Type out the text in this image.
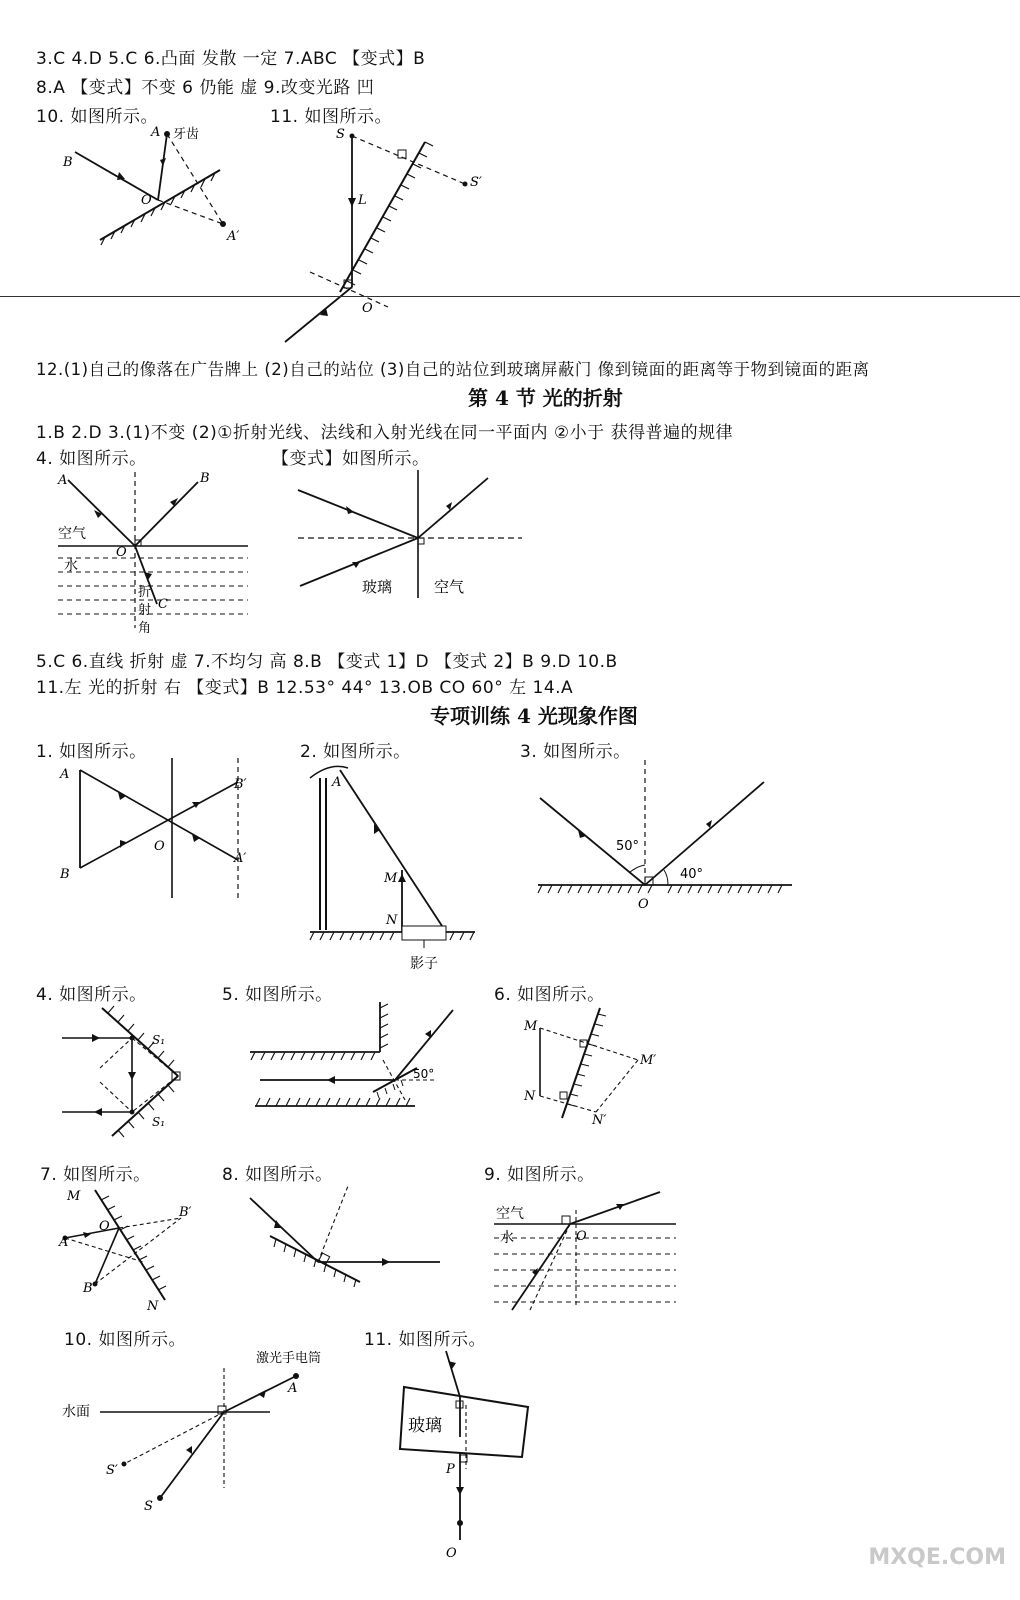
3.C 4.D 5.C 6.凸面 发散 一定 7.ABC 【变式】B
8.A 【变式】不变 6 仍能 虚 9.改变光路 凹
10. 如图所示。	11. 如图所示。
A 牙齿
B
O
A′
S
S′
L
O
12.(1)自己的像落在广告牌上 (2)自己的站位 (3)自己的站位到玻璃屏蔽门 像到镜面的距离等于物到镜面的距离
第 4 节 光的折射
1.B 2.D 3.(1)不变 (2)①折射光线、法线和入射光线在同一平面内 ②小于 获得普遍的规律
4. 如图所示。	【变式】如图所示。
A	B
空气
O
水
C
折
射
角
玻璃	空气
5.C 6.直线 折射 虚 7.不均匀 高 8.B 【变式 1】D 【变式 2】B 9.D 10.B
11.左 光的折射 右 【变式】B 12.53° 44° 13.OB CO 60° 左 14.A
专项训练 4 光现象作图
1. 如图所示。	2. 如图所示。	3. 如图所示。
A
B
O
B′
A′
A
M
N
影子
50°
40°
O
4. 如图所示。	5. 如图所示。	6. 如图所示。
S₁
S₁
50°
M
N
M′
N′
7. 如图所示。	8. 如图所示。	9. 如图所示。
M
A
O
B′
B
N
空气
水	O
10. 如图所示。	11. 如图所示。
激光手电筒
A
水面
S′
S
玻璃
P
O	MXQE.COM
